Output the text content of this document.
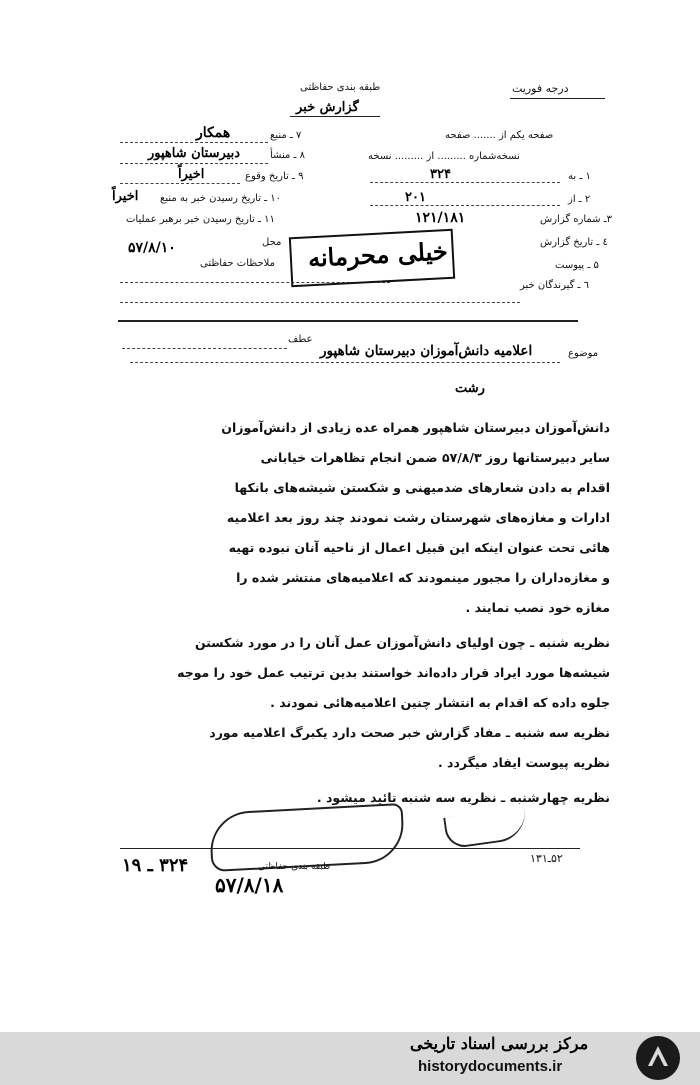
طبقه بندی حفاظتی	درجه فوریت
گزارش خبر
صفحه یکم از ....... صفحه
نسخه‌شماره ......... از ......... نسخه
۱ ـ به
۳۲۴
۲ ـ از
۲۰۱
۳ـ شماره گزارش
۱۲۱/۱۸۱
٤ ـ تاریخ گزارش
۵ ـ پیوست
٦ ـ گیرندگان خبر
۷ ـ منبع
همکار
۸ ـ منشأ
دبیرستان شاهپور
۹ ـ تاریخ وقوع
اخیراً
۱۰ ـ تاریخ رسیدن خبر به منبع
اخیراً
۱۱ ـ تاریخ رسیدن خبر برهبر عملیات
محل
۵۷/۸/۱۰
ملاحظات حفاظتی خیلی محرمانه
عطف
موضوع
اعلامیه دانش‌آموزان دبیرستان شاهپور
رشت
دانش‌آموزان دبیرستان شاهپور همراه عده زیادی از دانش‌آموزان
سایر دبیرستانها روز ۵۷/۸/۳ ضمن انجام تظاهرات خیابانی
اقدام به دادن شعارهای ضدمیهنی و شکستن شیشه‌های بانکها
ادارات و مغازه‌های شهرستان رشت نمودند چند روز بعد اعلامیه
هائی تحت عنوان اینکه این قبیل اعمال از ناحیه آنان نبوده تهیه
و مغازه‌داران را مجبور مینمودند که اعلامیه‌های منتشر شده را
مغازه خود نصب نمایند .
نظریه شنبه ـ چون اولیای دانش‌آموزان عمل آنان را در مورد شکستن
شیشه‌ها مورد ایراد قرار داده‌اند خواستند بدین ترتیب عمل خود را موجه
جلوه داده که اقدام به انتشار چنین اعلامیه‌هائی نمودند .
نظریه سه شنبه ـ مفاد گزارش خبر صحت دارد یکبرگ اعلامیه مورد
نظریه پیوست ایفاد میگردد .
نظریه چهارشنبه ـ نظریه سه شنبه تائید میشود .
طبقه بندی حفاظتی
۵۲ـ۱۳۱
۳۲۴ ـ ۱۹
۵۷/۸/۱۸
مرکز بررسی اسناد تاریخی
historydocuments.ir
